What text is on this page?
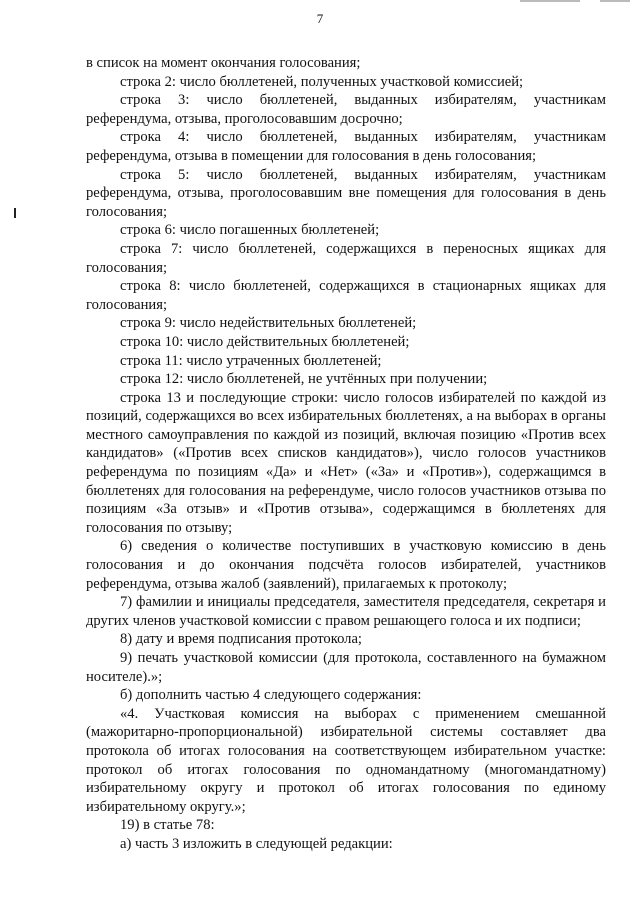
7

в список на момент окончания голосования;

строка 2: число бюллетеней, полученных участковой комиссией;

строка 3: число бюллетеней, выданных избирателям, участникам референдума, отзыва, проголосовавшим досрочно;

строка 4: число бюллетеней, выданных избирателям, участникам референдума, отзыва в помещении для голосования в день голосования;

строка 5: число бюллетеней, выданных избирателям, участникам референдума, отзыва, проголосовавшим вне помещения для голосования в день голосования;

строка 6: число погашенных бюллетеней;

строка 7: число бюллетеней, содержащихся в переносных ящиках для голосования;

строка 8: число бюллетеней, содержащихся в стационарных ящиках для голосования;

строка 9: число недействительных бюллетеней;

строка 10: число действительных бюллетеней;

строка 11: число утраченных бюллетеней;

строка 12: число бюллетеней, не учтённых при получении;

строка 13 и последующие строки: число голосов избирателей по каждой из позиций, содержащихся во всех избирательных бюллетенях, а на выборах в органы местного самоуправления по каждой из позиций, включая позицию «Против всех кандидатов» («Против всех списков кандидатов»), число голосов участников референдума по позициям «Да» и «Нет» («За» и «Против»), содержащимся в бюллетенях для голосования на референдуме, число голосов участников отзыва по позициям «За отзыв» и «Против отзыва», содержащимся в бюллетенях для голосования по отзыву;

6) сведения о количестве поступивших в участковую комиссию в день голосования и до окончания подсчёта голосов избирателей, участников референдума, отзыва жалоб (заявлений), прилагаемых к протоколу;

7) фамилии и инициалы председателя, заместителя председателя, секретаря и других членов участковой комиссии с правом решающего голоса и их подписи;

8) дату и время подписания протокола;

9) печать участковой комиссии (для протокола, составленного на бумажном носителе).»;

б) дополнить частью 4 следующего содержания:

«4. Участковая комиссия на выборах с применением смешанной (мажоритарно-пропорциональной) избирательной системы составляет два протокола об итогах голосования на соответствующем избирательном участке: протокол об итогах голосования по одномандатному (многомандатному) избирательному округу и протокол об итогах голосования по единому избирательному округу.»;

19) в статье 78:

а) часть 3 изложить в следующей редакции:
